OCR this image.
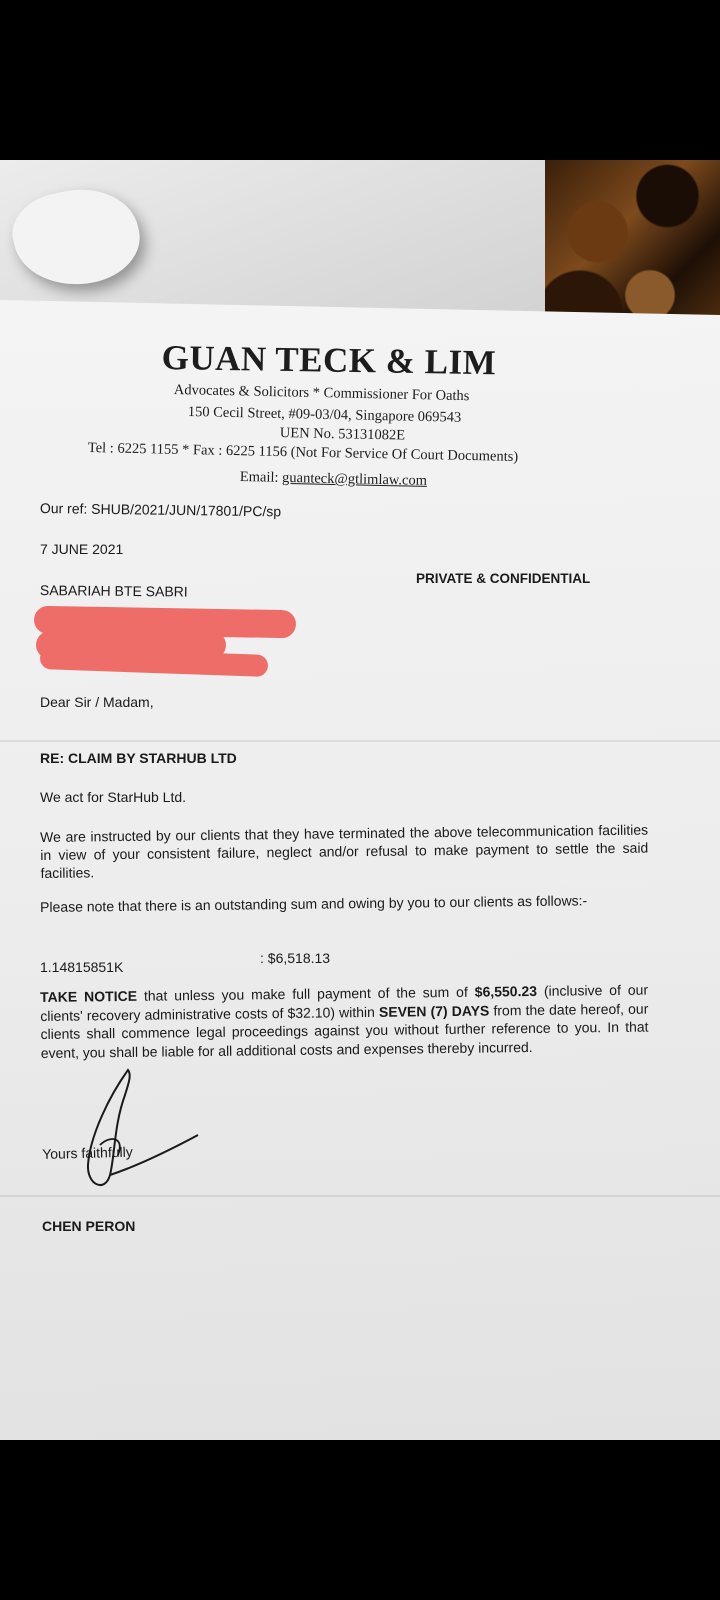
GUAN TECK & LIM
Advocates & Solicitors * Commissioner For Oaths
150 Cecil Street, #09-03/04, Singapore 069543
UEN No. 53131082E
Tel : 6225 1155 * Fax : 6225 1156 (Not For Service Of Court Documents)
Email: guanteck@gtlimlaw.com
Our ref: SHUB/2021/JUN/17801/PC/sp
7 JUNE 2021
SABARIAH BTE SABRI
PRIVATE & CONFIDENTIAL
Dear Sir / Madam,
RE: CLAIM BY STARHUB LTD
We act for StarHub Ltd.
We are instructed by our clients that they have terminated the above telecommunication facilities in view of your consistent failure, neglect and/or refusal to make payment to settle the said facilities.
Please note that there is an outstanding sum and owing by you to our clients as follows:-
1.14815851K
: $6,518.13
TAKE NOTICE that unless you make full payment of the sum of $6,550.23 (inclusive of our clients' recovery administrative costs of $32.10) within SEVEN (7) DAYS from the date hereof, our clients shall commence legal proceedings against you without further reference to you. In that event, you shall be liable for all additional costs and expenses thereby incurred.
Yours faithfully
CHEN PERON
